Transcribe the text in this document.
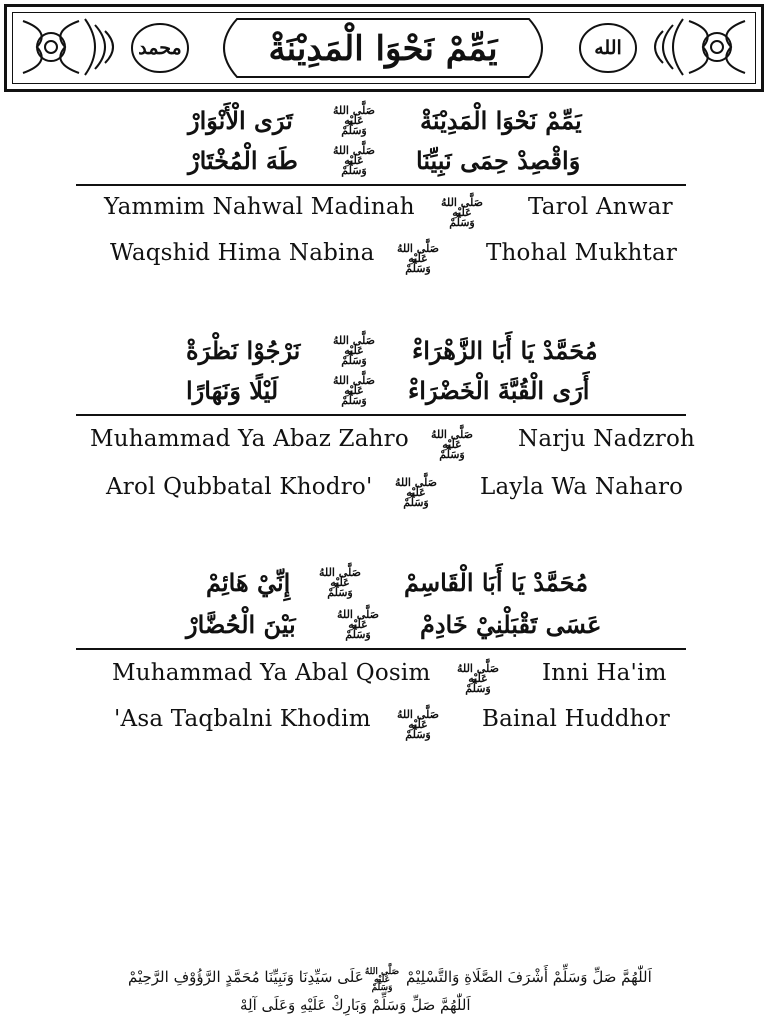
محمد	يَمِّمْ نَحْوَا الْمَدِيْنَةْ	الله
يَمِّمْ نَحْوَا الْمَدِيْنَةْ
صَلَّى اللهُ عَلَيْهِ وَسَلَّمْ
تَرَى الْأَنْوَارْ
وَاقْصِدْ حِمَى نَبِيِّنَا
صَلَّى اللهُ عَلَيْهِ وَسَلَّمْ
طَهَ الْمُخْتَارْ
Yammim Nahwal Madinah صَلَّى اللهُ عَلَيْهِ وَسَلَّمْ
Tarol Anwar
Waqshid Hima Nabina صَلَّى اللهُ عَلَيْهِ وَسَلَّمْ
Thohal Mukhtar
مُحَمَّدْ يَا أَبَا الزَّهْرَاءْ
صَلَّى اللهُ عَلَيْهِ وَسَلَّمْ
نَرْجُوْا نَظْرَةْ
أَرَى الْقُبَّةَ الْخَضْرَاءْ
صَلَّى اللهُ عَلَيْهِ وَسَلَّمْ
لَيْلًا وَنَهَارًا
Muhammad Ya Abaz Zahro صَلَّى اللهُ عَلَيْهِ وَسَلَّمْ
Narju Nadzroh
Arol Qubbatal Khodro' صَلَّى اللهُ عَلَيْهِ وَسَلَّمْ
Layla Wa Naharo
مُحَمَّدْ يَا أَبَا الْقَاسِمْ
صَلَّى اللهُ عَلَيْهِ وَسَلَّمْ
إِنِّيْ هَائِمْ
عَسَى تَقْبَلْنِيْ خَادِمْ
صَلَّى اللهُ عَلَيْهِ وَسَلَّمْ
بَيْنَ الْحُضَّارْ
Muhammad Ya Abal Qosim صَلَّى اللهُ عَلَيْهِ وَسَلَّمْ
Inni Ha'im
'Asa Taqbalni Khodim صَلَّى اللهُ عَلَيْهِ وَسَلَّمْ
Bainal Huddhor
اَللّٰهُمَّ صَلِّ وَسَلِّمْ أَشْرَفَ الصَّلَاةِ وَالتَّسْلِيْمْ
صَلَّى اللهُ عَلَيْهِ وَسَلَّمْ
عَلَى سَيِّدِنَا وَنَبِيِّنَا مُحَمَّدٍ الرَّؤُوْفِ الرَّحِيْمْ
اَللّٰهُمَّ صَلِّ وَسَلِّمْ وَبَارِكْ عَلَيْهِ وَعَلَى آلِهْ
